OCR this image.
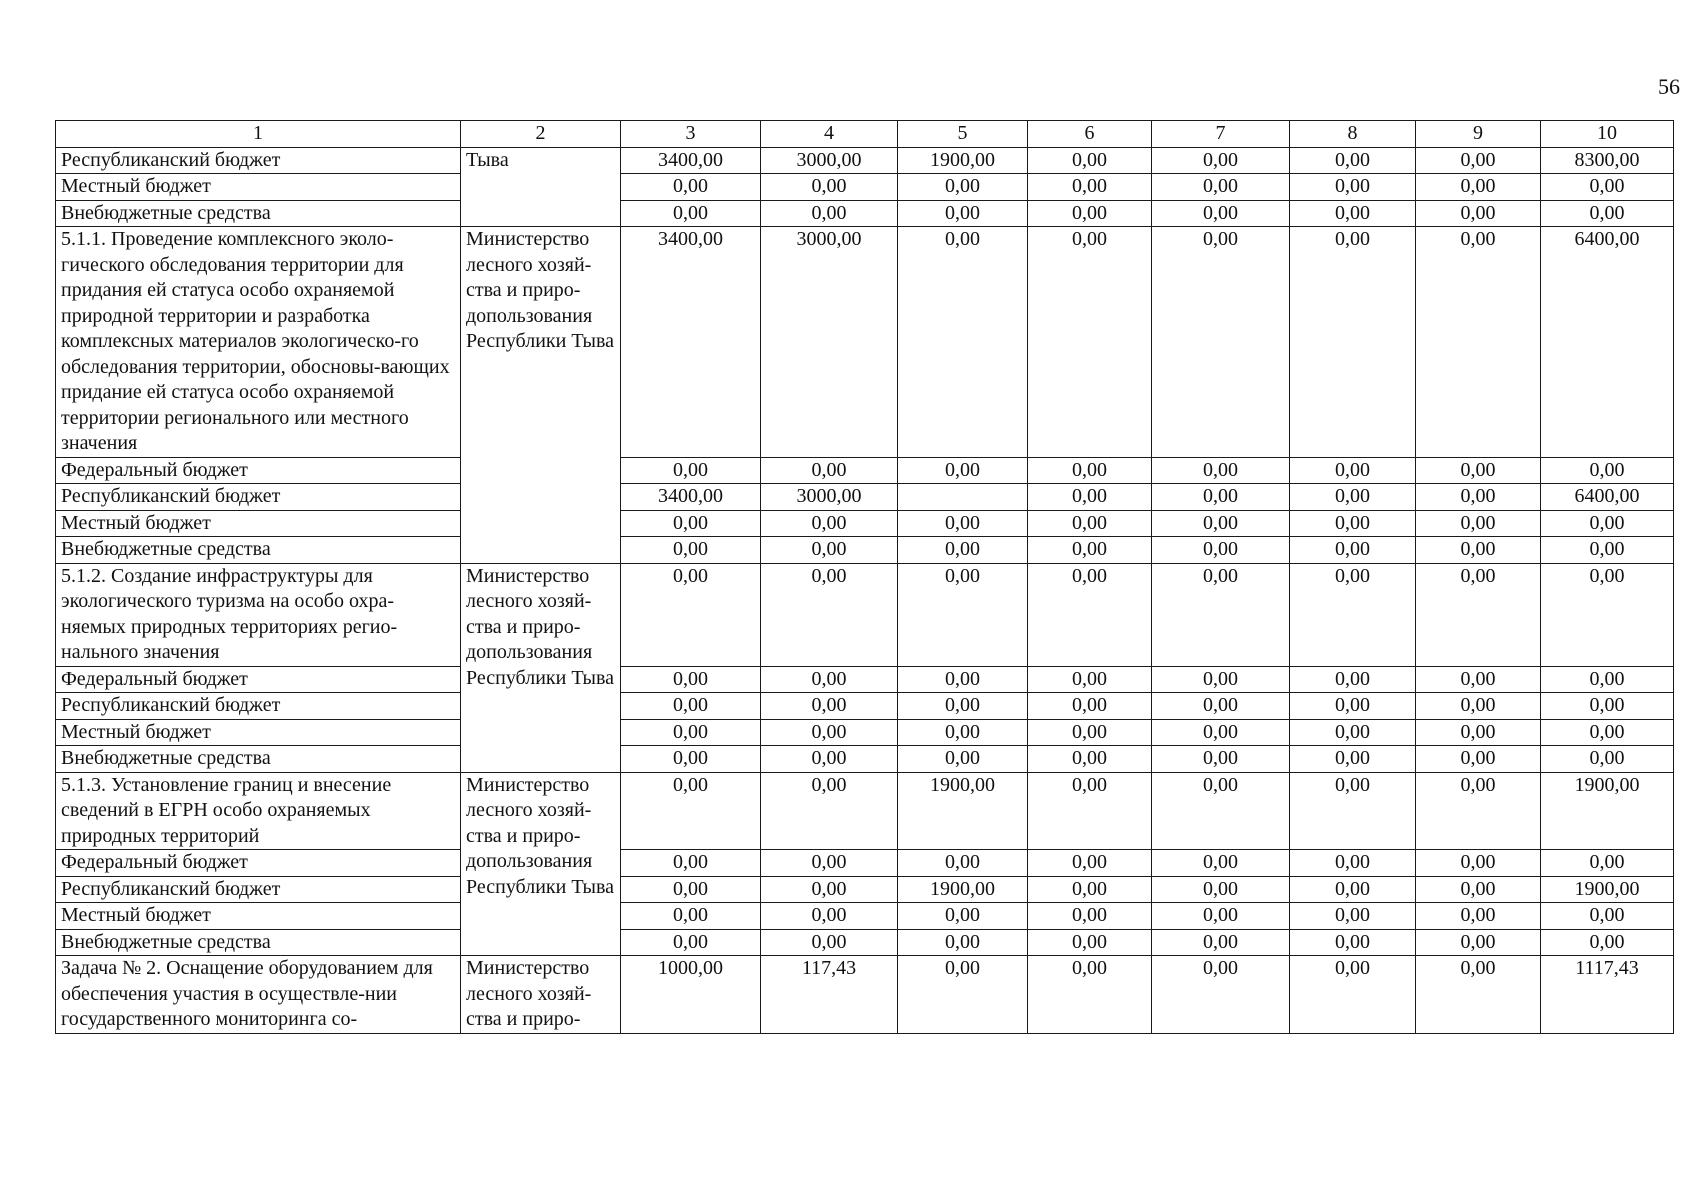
56
1	2	3	4	5	6	7	8	9	10
Республиканский бюджет	Тыва	3400,00	3000,00	1900,00	0,00	0,00	0,00	0,00	8300,00
Местный бюджет		0,00	0,00	0,00	0,00	0,00	0,00	0,00	0,00
Внебюджетные средства		0,00	0,00	0,00	0,00	0,00	0,00	0,00	0,00
5.1.1. Проведение комплексного эколо-гического обследования территории для придания ей статуса особо охраняемой природной территории и разработка комплексных материалов экологическо-го обследования территории, обосновы-вающих придание ей статуса особо охраняемой территории регионального или местного значения	Министерство лесного хозяй-ства и приро-допользования Республики Тыва	3400,00	3000,00	0,00	0,00	0,00	0,00	0,00	6400,00
Федеральный бюджет		0,00	0,00	0,00	0,00	0,00	0,00	0,00	0,00
Республиканский бюджет		3400,00	3000,00		0,00	0,00	0,00	0,00	6400,00
Местный бюджет		0,00	0,00	0,00	0,00	0,00	0,00	0,00	0,00
Внебюджетные средства		0,00	0,00	0,00	0,00	0,00	0,00	0,00	0,00
5.1.2. Создание инфраструктуры для экологического туризма на особо охра-няемых природных территориях регио-нального значения	Министерство лесного хозяй-ства и приро-допользования Республики Тыва	0,00	0,00	0,00	0,00	0,00	0,00	0,00	0,00
Федеральный бюджет		0,00	0,00	0,00	0,00	0,00	0,00	0,00	0,00
Республиканский бюджет		0,00	0,00	0,00	0,00	0,00	0,00	0,00	0,00
Местный бюджет		0,00	0,00	0,00	0,00	0,00	0,00	0,00	0,00
Внебюджетные средства		0,00	0,00	0,00	0,00	0,00	0,00	0,00	0,00
5.1.3. Установление границ и внесение сведений в ЕГРН особо охраняемых природных территорий	Министерство лесного хозяй-ства и приро-допользования Республики Тыва	0,00	0,00	1900,00	0,00	0,00	0,00	0,00	1900,00
Федеральный бюджет		0,00	0,00	0,00	0,00	0,00	0,00	0,00	0,00
Республиканский бюджет		0,00	0,00	1900,00	0,00	0,00	0,00	0,00	1900,00
Местный бюджет		0,00	0,00	0,00	0,00	0,00	0,00	0,00	0,00
Внебюджетные средства		0,00	0,00	0,00	0,00	0,00	0,00	0,00	0,00
Задача № 2. Оснащение оборудованием для обеспечения участия в осуществле-нии государственного мониторинга со-	Министерство лесного хозяй-ства и приро-	1000,00	117,43	0,00	0,00	0,00	0,00	0,00	1117,43
